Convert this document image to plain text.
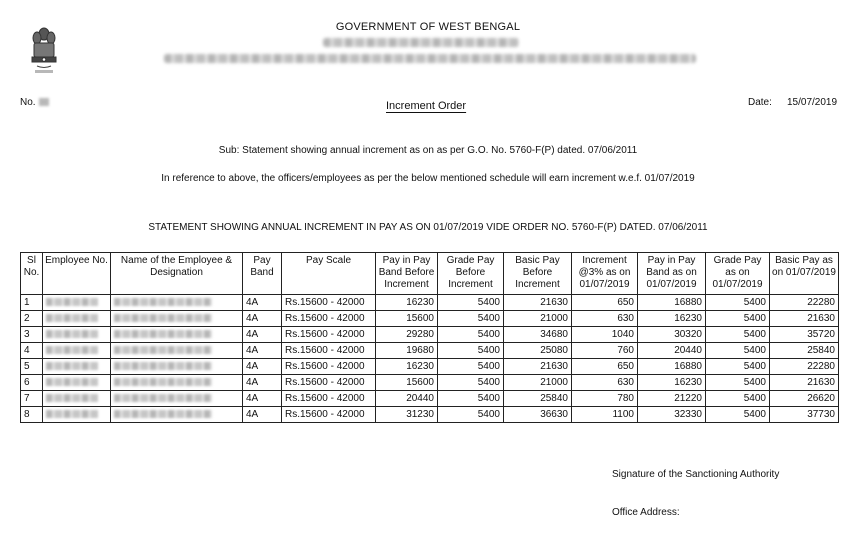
GOVERNMENT OF WEST BENGAL
No.	Increment Order	Date: 15/07/2019
Sub: Statement showing annual increment as on as per G.O. No. 5760-F(P) dated. 07/06/2011
In reference to above, the officers/employees as per the below mentioned schedule will earn increment w.e.f. 01/07/2019
STATEMENT SHOWING ANNUAL INCREMENT IN PAY AS ON 01/07/2019 VIDE ORDER NO. 5760-F(P) DATED. 07/06/2011
Sl No.	Employee No.	Name of the Employee & Designation	Pay Band	Pay Scale	Pay in Pay Band Before Increment	Grade Pay Before Increment	Basic Pay Before Increment	Increment @3% as on 01/07/2019	Pay in Pay Band as on 01/07/2019	Grade Pay as on 01/07/2019	Basic Pay as on 01/07/2019
1			4A	Rs.15600 - 42000	16230	5400	21630	650	16880	5400	22280
2			4A	Rs.15600 - 42000	15600	5400	21000	630	16230	5400	21630
3			4A	Rs.15600 - 42000	29280	5400	34680	1040	30320	5400	35720
4			4A	Rs.15600 - 42000	19680	5400	25080	760	20440	5400	25840
5			4A	Rs.15600 - 42000	16230	5400	21630	650	16880	5400	22280
6			4A	Rs.15600 - 42000	15600	5400	21000	630	16230	5400	21630
7			4A	Rs.15600 - 42000	20440	5400	25840	780	21220	5400	26620
8			4A	Rs.15600 - 42000	31230	5400	36630	1100	32330	5400	37730
Signature of the Sanctioning Authority
Office Address:
